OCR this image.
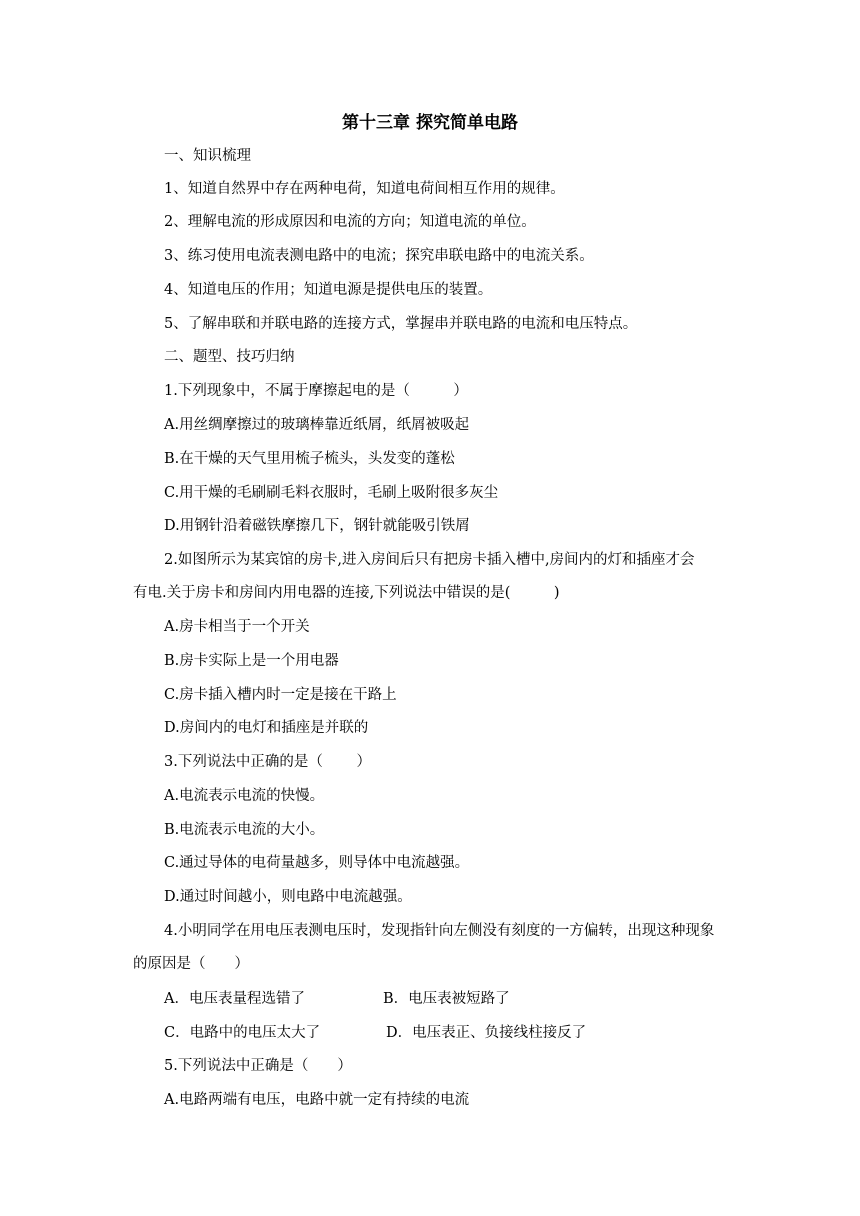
第十三章 探究简单电路

一、知识梳理

1、知道自然界中存在两种电荷，知道电荷间相互作用的规律。

2、理解电流的形成原因和电流的方向；知道电流的单位。

3、练习使用电流表测电路中的电流；探究串联电路中的电流关系。

4、知道电压的作用；知道电源是提供电压的装置。

5、了解串联和并联电路的连接方式，掌握串并联电路的电流和电压特点。

二、题型、技巧归纳

1.下列现象中，不属于摩擦起电的是（　　　）

A.用丝绸摩擦过的玻璃棒靠近纸屑，纸屑被吸起

B.在干燥的天气里用梳子梳头，头发变的蓬松

C.用干燥的毛刷刷毛料衣服时，毛刷上吸附很多灰尘

D.用钢针沿着磁铁摩擦几下，钢针就能吸引铁屑

2.如图所示为某宾馆的房卡,进入房间后只有把房卡插入槽中,房间内的灯和插座才会

有电.关于房卡和房间内用电器的连接,下列说法中错误的是(　　　)

A.房卡相当于一个开关

B.房卡实际上是一个用电器

C.房卡插入槽内时一定是接在干路上

D.房间内的电灯和插座是并联的

3.下列说法中正确的是（　　 ）

A.电流表示电流的快慢。

B.电流表示电流的大小。

C.通过导体的电荷量越多，则导体中电流越强。

D.通过时间越小，则电路中电流越强。

4.小明同学在用电压表测电压时，发现指针向左侧没有刻度的一方偏转，出现这种现象

的原因是（　　）

A．电压表量程选错了	B．电压表被短路了

C．电路中的电压太大了	D．电压表正、负接线柱接反了

5.下列说法中正确是（　　）

A.电路两端有电压，电路中就一定有持续的电流
